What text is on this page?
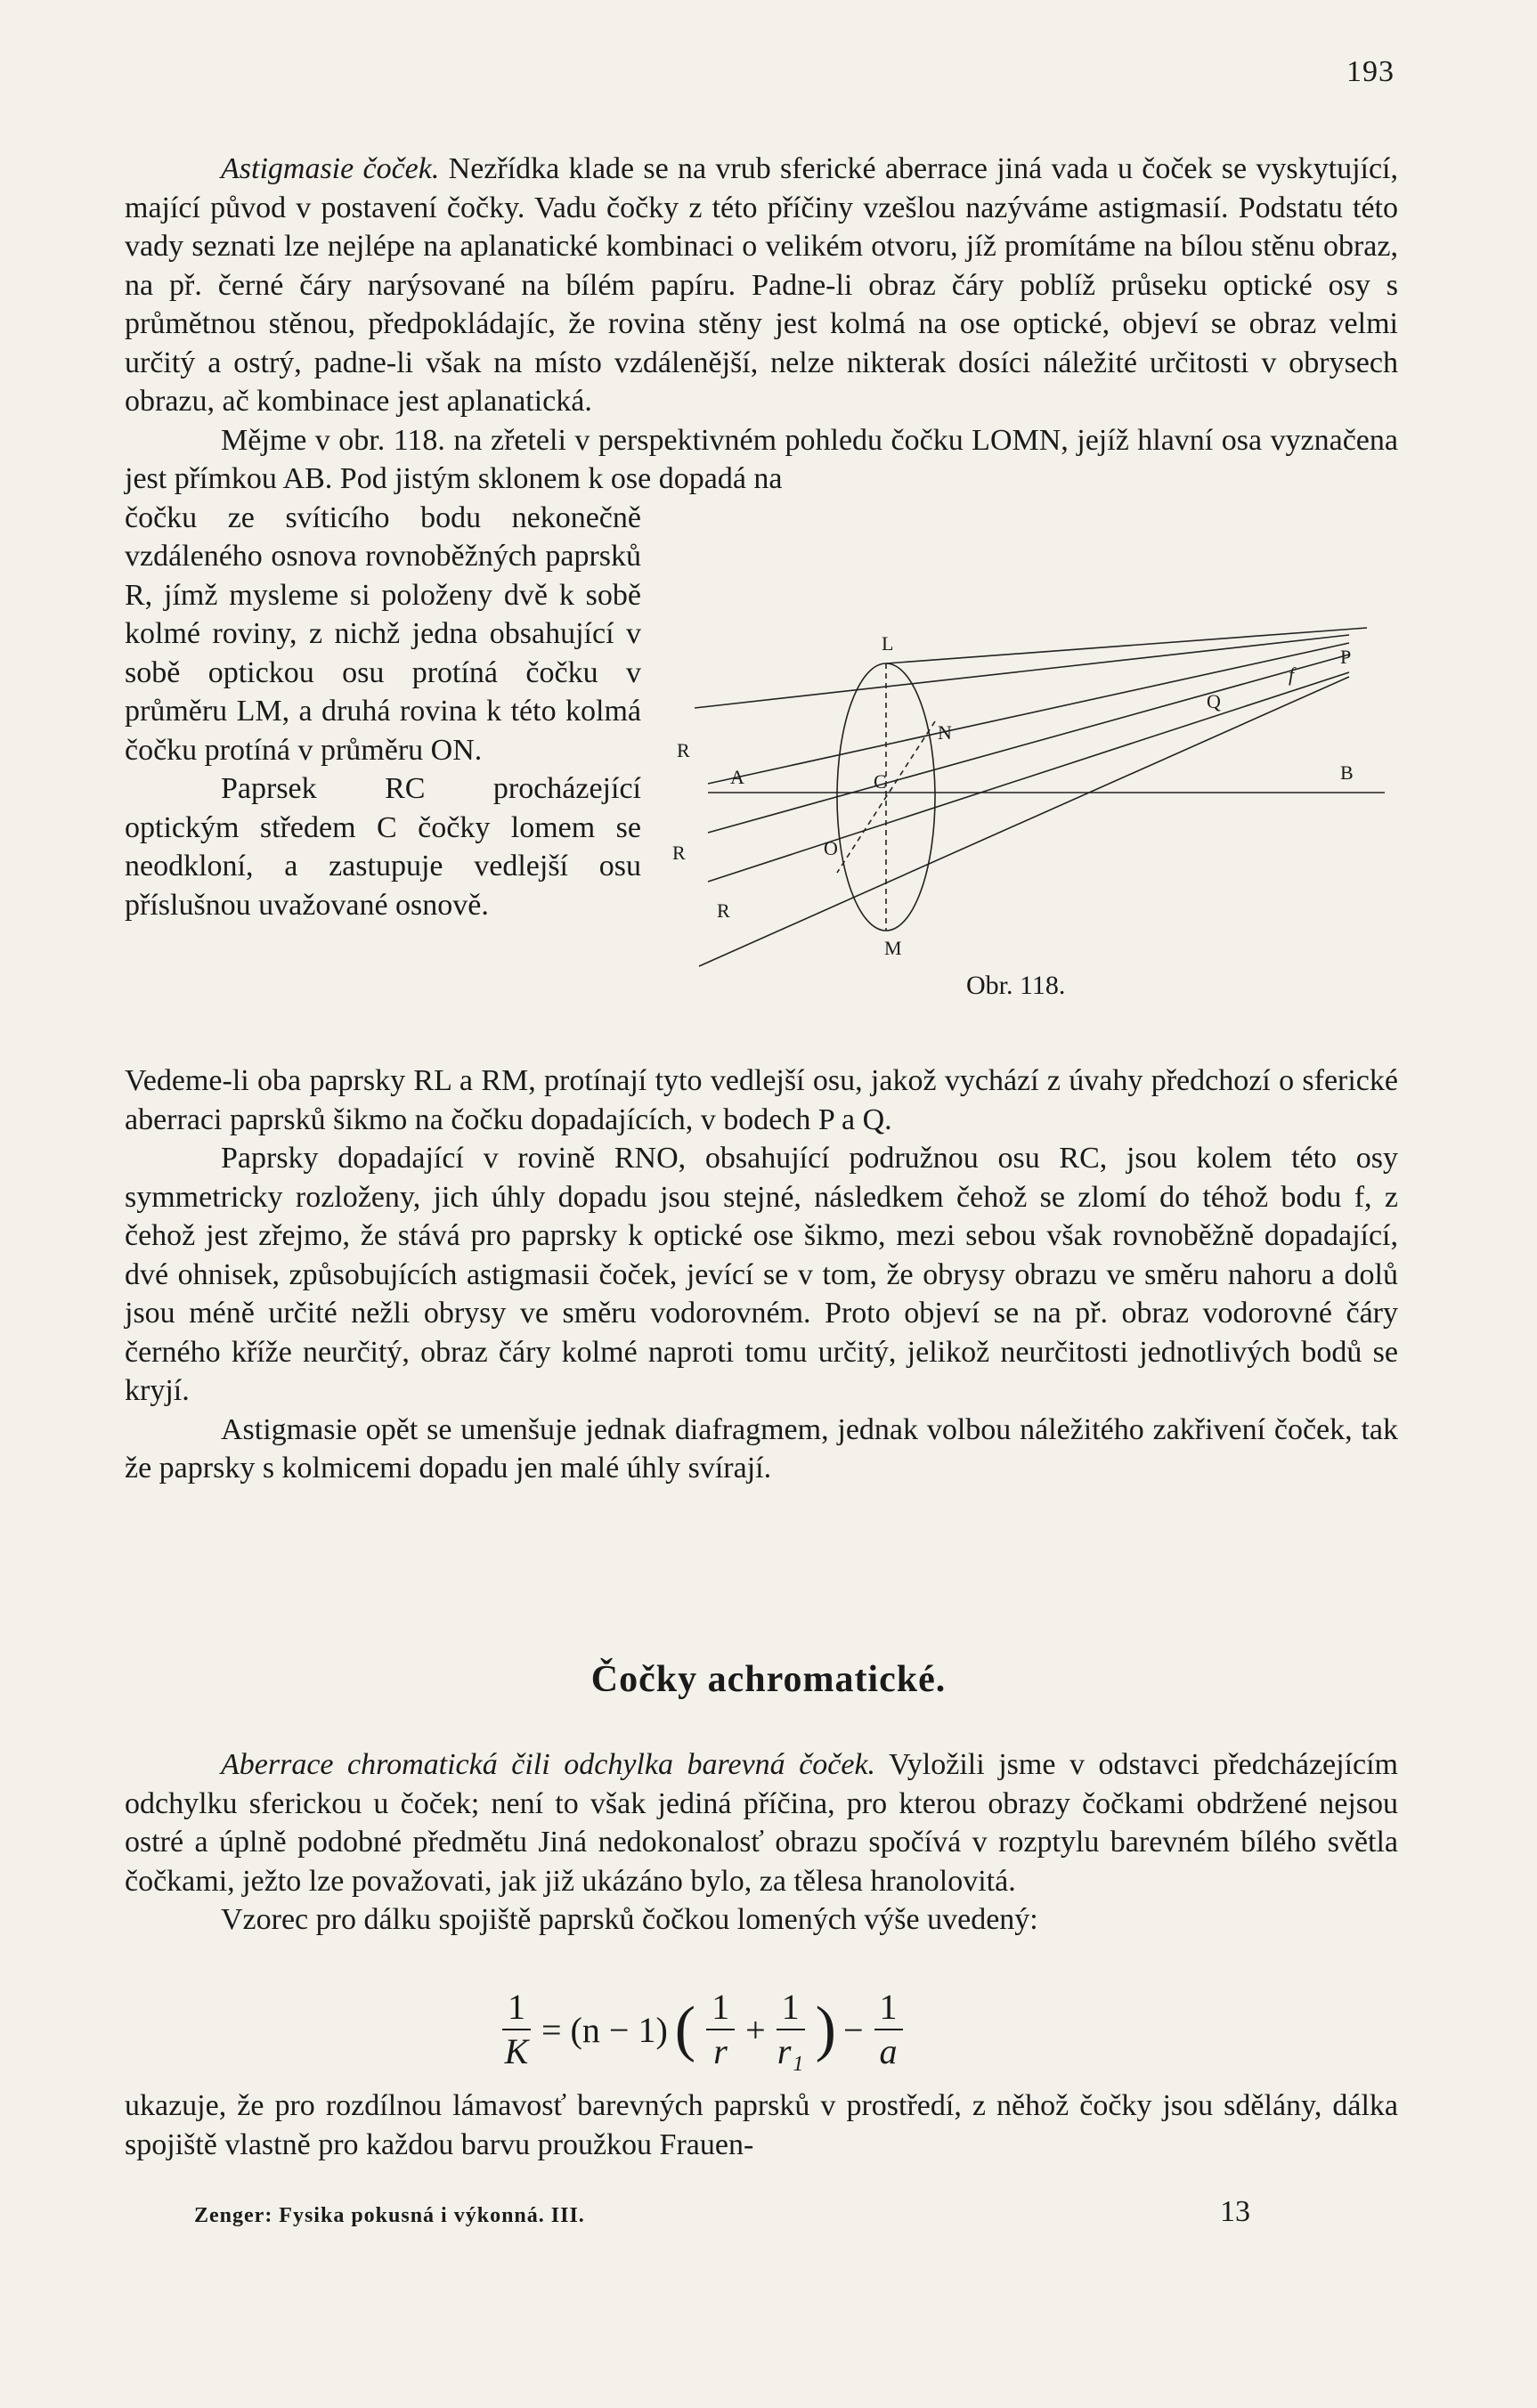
193

Astigmasie čoček. Nezřídka klade se na vrub sferické aberrace jiná vada u čoček se vyskytující, mající původ v postavení čočky. Vadu čočky z této příčiny vzešlou nazýváme astigmasií. Podstatu této vady seznati lze nejlépe na aplanatické kombinaci o velikém otvoru, jíž promítáme na bílou stěnu obraz, na př. černé čáry narýsované na bílém papíru. Padne-li obraz čáry poblíž průseku optické osy s průmětnou stěnou, předpokládajíc, že rovina stěny jest kolmá na ose optické, objeví se obraz velmi určitý a ostrý, padne-li však na místo vzdálenější, nelze nikterak dosíci náležité určitosti v obrysech obrazu, ač kombinace jest aplanatická.

Mějme v obr. 118. na zřeteli v perspektivném pohledu čočku LOMN, jejíž hlavní osa vyznačena jest přímkou AB. Pod jistým sklonem k ose dopadá na

čočku ze svíticího bodu nekonečně vzdáleného osnova rovnoběžných paprsků R, jímž mysleme si položeny dvě k sobě kolmé roviny, z nichž jedna obsahující v sobě optickou osu protíná čočku v průměru LM, a druhá rovina k této kolmá čočku protíná v průměru ON.

Paprsek RC procházející optickým středem C čočky lomem se neodkloní, a zastupuje vedlejší osu příslušnou uvažované osnově.

L
M
N
O
C
A	B
P
Q
f
R
R
R
Obr. 118.

Vedeme-li oba paprsky RL a RM, protínají tyto vedlejší osu, jakož vychází z úvahy předchozí o sferické aberraci paprsků šikmo na čočku dopadajících, v bodech P a Q.

Paprsky dopadající v rovině RNO, obsahující podružnou osu RC, jsou kolem této osy symmetricky rozloženy, jich úhly dopadu jsou stejné, následkem čehož se zlomí do téhož bodu f, z čehož jest zřejmo, že stává pro paprsky k optické ose šikmo, mezi sebou však rovnoběžně dopadající, dvé ohnisek, způsobujících astigmasii čoček, jevící se v tom, že obrysy obrazu ve směru nahoru a dolů jsou méně určité nežli obrysy ve směru vodorovném. Proto objeví se na př. obraz vodorovné čáry černého kříže neurčitý, obraz čáry kolmé naproti tomu určitý, jelikož neurčitosti jednotlivých bodů se kryjí.

Astigmasie opět se umenšuje jednak diafragmem, jednak volbou náležitého zakřivení čoček, tak že paprsky s kolmicemi dopadu jen malé úhly svírají.

Čočky achromatické.

Aberrace chromatická čili odchylka barevná čoček. Vyložili jsme v odstavci předcházejícím odchylku sferickou u čoček; není to však jediná příčina, pro kterou obrazy čočkami obdržené nejsou ostré a úplně podobné předmětu Jiná nedokonalosť obrazu spočívá v rozptylu barevném bílého světla čočkami, ježto lze považovati, jak již ukázáno bylo, za tělesa hranolovitá.

Vzorec pro dálku spojiště paprsků čočkou lomených výše uvedený:

$\frac{1}{K} = (n - 1)$ ( $\frac{1}{r} + \frac{1}{\text{r₁}}$ ) − $\frac{1}{a}$

ukazuje, že pro rozdílnou lámavosť barevných paprsků v prostředí, z něhož čočky jsou sdělány, dálka spojiště vlastně pro každou barvu proužkou Frauen-

Zenger: Fysika pokusná i výkonná. III.	13
